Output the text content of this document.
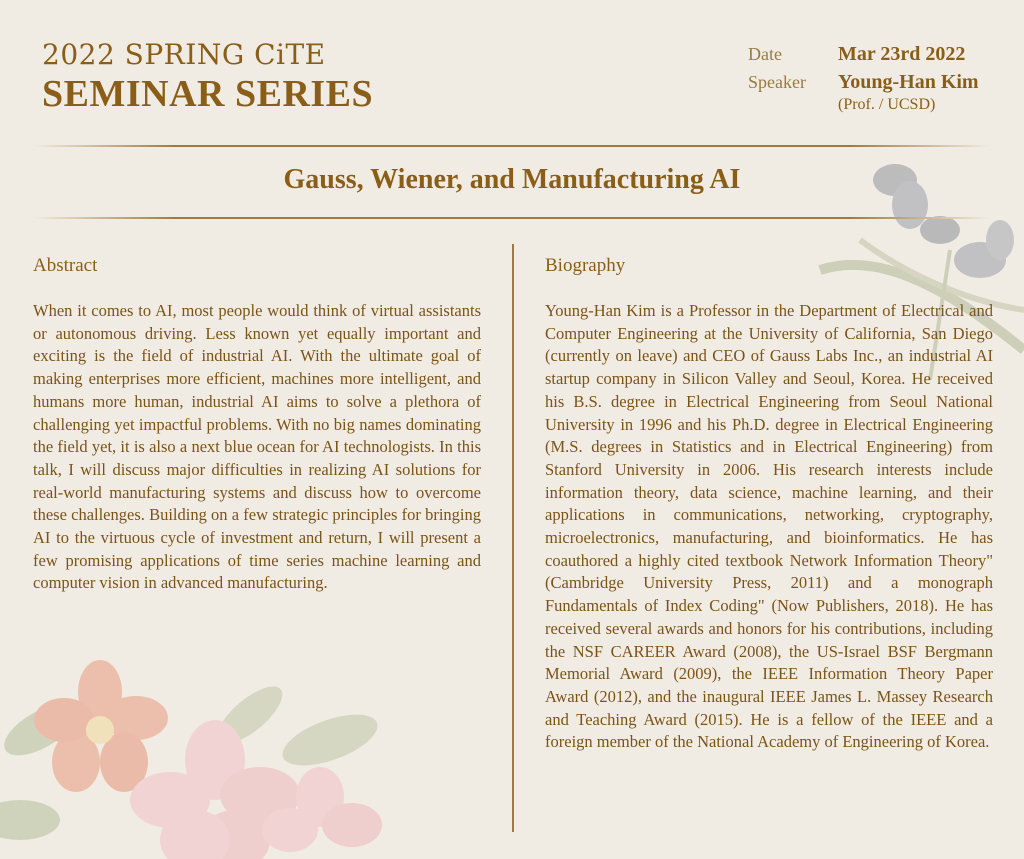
2022 SPRING CiTE
SEMINAR SERIES
Date	Mar 23rd 2022
Speaker	Young-Han Kim
(Prof. / UCSD)
Gauss, Wiener, and Manufacturing AI
Abstract
When it comes to AI, most people would think of virtual assistants or autonomous driving. Less known yet equally important and exciting is the field of industrial AI. With the ultimate goal of making enterprises more efficient, machines more intelligent, and humans more human, industrial AI aims to solve a plethora of challenging yet impactful problems. With no big names dominating the field yet, it is also a next blue ocean for AI technologists. In this talk, I will discuss major difficulties in realizing AI solutions for real-world manufacturing systems and discuss how to overcome these challenges. Building on a few strategic principles for bringing AI to the virtuous cycle of investment and return, I will present a few promising applications of time series machine learning and computer vision in advanced manufacturing.
Biography
Young-Han Kim is a Professor in the Department of Electrical and Computer Engineering at the University of California, San Diego (currently on leave) and CEO of Gauss Labs Inc., an industrial AI startup company in Silicon Valley and Seoul, Korea. He received his B.S. degree in Electrical Engineering from Seoul National University in 1996 and his Ph.D. degree in Electrical Engineering (M.S. degrees in Statistics and in Electrical Engineering) from Stanford University in 2006. His research interests include information theory, data science, machine learning, and their applications in communications, networking, cryptography, microelectronics, manufacturing, and bioinformatics. He has coauthored a highly cited textbook Network Information Theory" (Cambridge University Press, 2011) and a monograph Fundamentals of Index Coding" (Now Publishers, 2018). He has received several awards and honors for his contributions, including the NSF CAREER Award (2008), the US-Israel BSF Bergmann Memorial Award (2009), the IEEE Information Theory Paper Award (2012), and the inaugural IEEE James L. Massey Research and Teaching Award (2015). He is a fellow of the IEEE and a foreign member of the National Academy of Engineering of Korea.
